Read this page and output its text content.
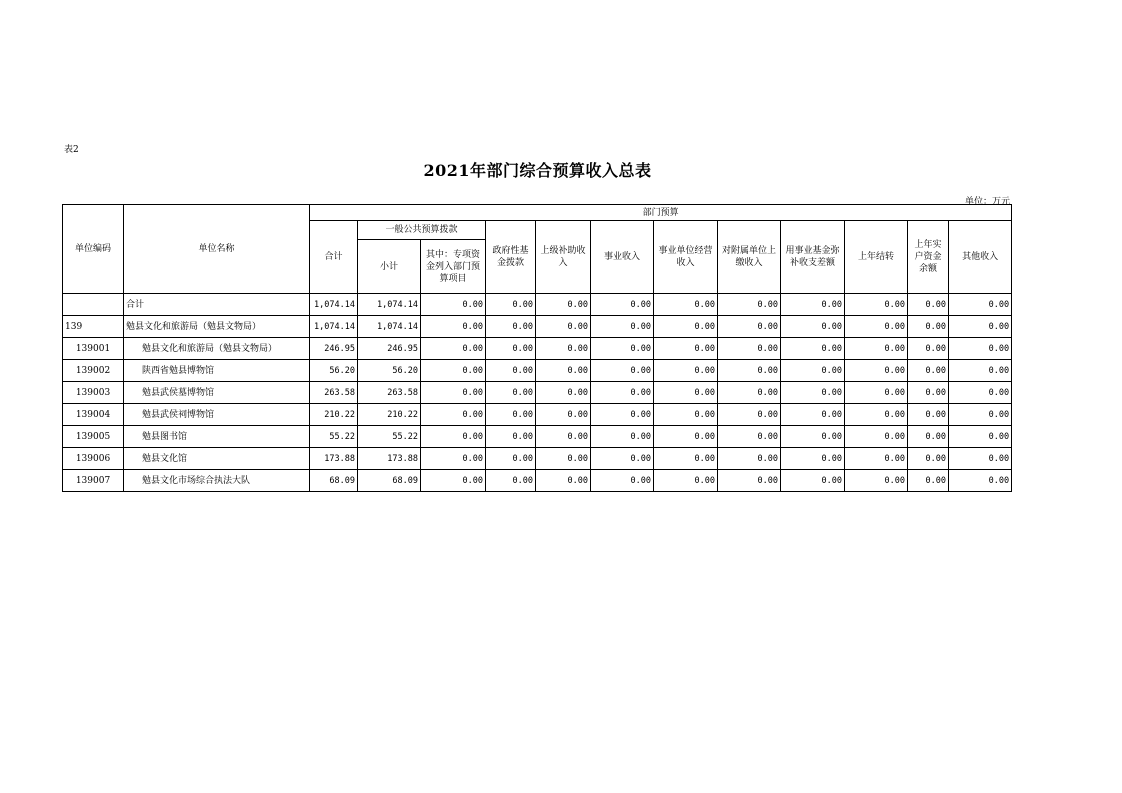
表2
2021年部门综合预算收入总表
单位：万元
单位编码	单位名称	部门预算											
		合计	一般公共预算拨款		政府性基金拨款	上级补助收入	事业收入	事业单位经营收入	对附属单位上缴收入	用事业基金弥补收支差额	上年结转	上年实户资金余额	其他收入
			小计	其中：专项资金列入部门预算项目									
	合计	1,074.14	1,074.14	0.00	0.00	0.00	0.00	0.00	0.00	0.00	0.00	0.00	0.00
139	勉县文化和旅游局（勉县文物局）	1,074.14	1,074.14	0.00	0.00	0.00	0.00	0.00	0.00	0.00	0.00	0.00	0.00
139001	勉县文化和旅游局（勉县文物局）	246.95	246.95	0.00	0.00	0.00	0.00	0.00	0.00	0.00	0.00	0.00	0.00
139002	陕西省勉县博物馆	56.20	56.20	0.00	0.00	0.00	0.00	0.00	0.00	0.00	0.00	0.00	0.00
139003	勉县武侯墓博物馆	263.58	263.58	0.00	0.00	0.00	0.00	0.00	0.00	0.00	0.00	0.00	0.00
139004	勉县武侯祠博物馆	210.22	210.22	0.00	0.00	0.00	0.00	0.00	0.00	0.00	0.00	0.00	0.00
139005	勉县图书馆	55.22	55.22	0.00	0.00	0.00	0.00	0.00	0.00	0.00	0.00	0.00	0.00
139006	勉县文化馆	173.88	173.88	0.00	0.00	0.00	0.00	0.00	0.00	0.00	0.00	0.00	0.00
139007	勉县文化市场综合执法大队	68.09	68.09	0.00	0.00	0.00	0.00	0.00	0.00	0.00	0.00	0.00	0.00
